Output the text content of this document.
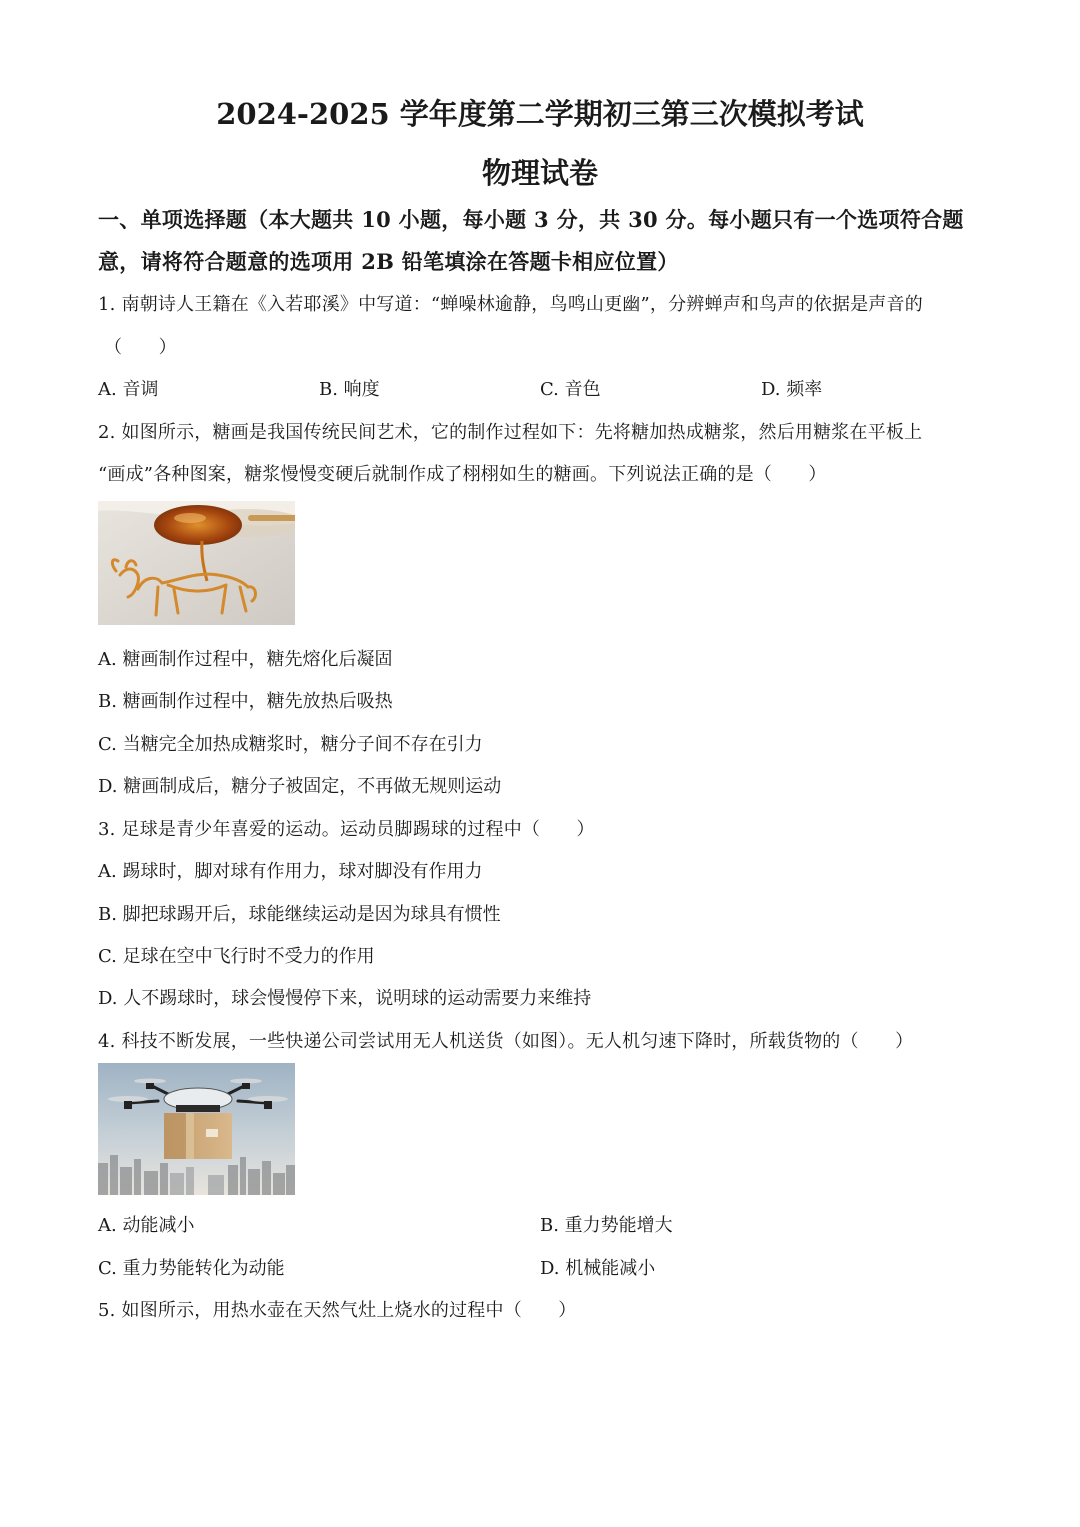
2024-2025 学年度第二学期初三第三次模拟考试
物理试卷
一、单项选择题（本大题共 10 小题，每小题 3 分，共 30 分。每小题只有一个选项符合题
意，请将符合题意的选项用 2B 铅笔填涂在答题卡相应位置）
1. 南朝诗人王籍在《入若耶溪》中写道：“蝉噪林逾静，鸟鸣山更幽”，分辨蝉声和鸟声的依据是声音的
（　　）
A. 音调	B. 响度	C. 音色	D. 频率
2. 如图所示，糖画是我国传统民间艺术，它的制作过程如下：先将糖加热成糖浆，然后用糖浆在平板上
“画成”各种图案，糖浆慢慢变硬后就制作成了栩栩如生的糖画。下列说法正确的是（　　）
A. 糖画制作过程中，糖先熔化后凝固
B. 糖画制作过程中，糖先放热后吸热
C. 当糖完全加热成糖浆时，糖分子间不存在引力
D. 糖画制成后，糖分子被固定，不再做无规则运动
3. 足球是青少年喜爱的运动。运动员脚踢球的过程中（　　）
A. 踢球时，脚对球有作用力，球对脚没有作用力
B. 脚把球踢开后，球能继续运动是因为球具有惯性
C. 足球在空中飞行时不受力的作用
D. 人不踢球时，球会慢慢停下来，说明球的运动需要力来维持
4. 科技不断发展，一些快递公司尝试用无人机送货（如图）。无人机匀速下降时，所载货物的（　　）
A. 动能减小	B. 重力势能增大
C. 重力势能转化为动能	D. 机械能减小
5. 如图所示，用热水壶在天然气灶上烧水的过程中（　　）
